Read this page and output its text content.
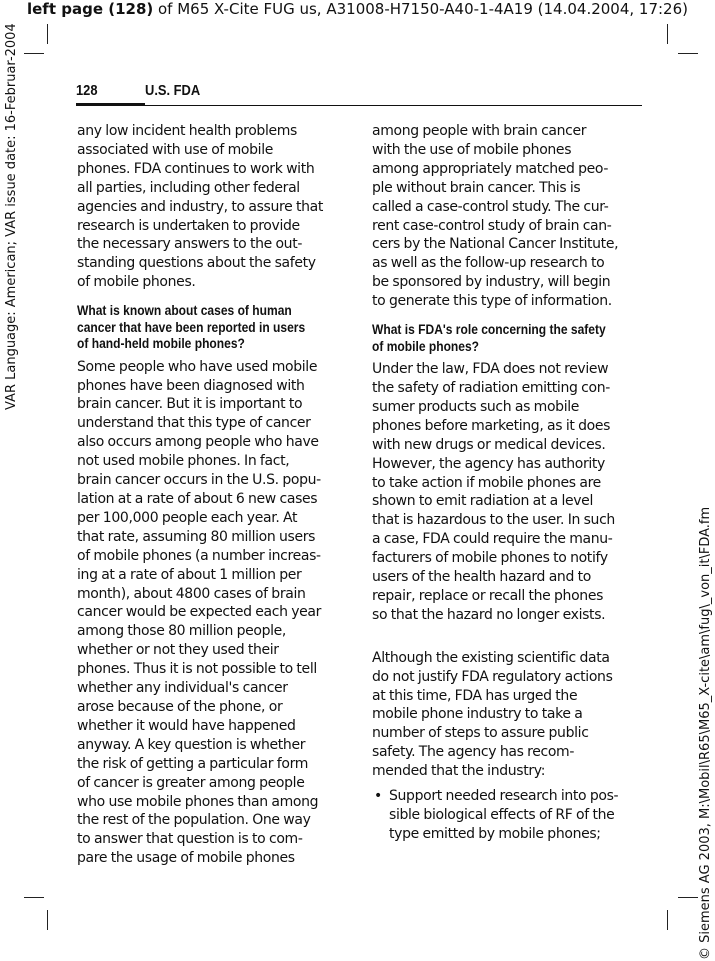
left page (128) of M65 X-Cite FUG us, A31008-H7150-A40-1-4A19 (14.04.2004, 17:26)
VAR Language: American; VAR issue date: 16-Februar-2004
© Siemens AG 2003, M:\Mobil\R65\M65_X-cite\am\fug\_von_it\FDA.fm
128	U.S. FDA

any low incident health problems
associated with use of mobile
phones. FDA continues to work with
all parties, including other federal
agencies and industry, to assure that
research is undertaken to provide
the necessary answers to the out-
standing questions about the safety
of mobile phones.

What is known about cases of human
cancer that have been reported in users
of hand-held mobile phones?

Some people who have used mobile
phones have been diagnosed with
brain cancer. But it is important to
understand that this type of cancer
also occurs among people who have
not used mobile phones. In fact,
brain cancer occurs in the U.S. popu-
lation at a rate of about 6 new cases
per 100,000 people each year. At
that rate, assuming 80 million users
of mobile phones (a number increas-
ing at a rate of about 1 million per
month), about 4800 cases of brain
cancer would be expected each year
among those 80 million people,
whether or not they used their
phones. Thus it is not possible to tell
whether any individual's cancer
arose because of the phone, or
whether it would have happened
anyway. A key question is whether
the risk of getting a particular form
of cancer is greater among people
who use mobile phones than among
the rest of the population. One way
to answer that question is to com-
pare the usage of mobile phones

among people with brain cancer
with the use of mobile phones
among appropriately matched peo-
ple without brain cancer. This is
called a case-control study. The cur-
rent case-control study of brain can-
cers by the National Cancer Institute,
as well as the follow-up research to
be sponsored by industry, will begin
to generate this type of information.

What is FDA's role concerning the safety
of mobile phones?

Under the law, FDA does not review
the safety of radiation emitting con-
sumer products such as mobile
phones before marketing, as it does
with new drugs or medical devices.
However, the agency has authority
to take action if mobile phones are
shown to emit radiation at a level
that is hazardous to the user. In such
a case, FDA could require the manu-
facturers of mobile phones to notify
users of the health hazard and to
repair, replace or recall the phones
so that the hazard no longer exists.

Although the existing scientific data
do not justify FDA regulatory actions
at this time, FDA has urged the
mobile phone industry to take a
number of steps to assure public
safety. The agency has recom-
mended that the industry:

• Support needed research into pos-
sible biological effects of RF of the
type emitted by mobile phones;
